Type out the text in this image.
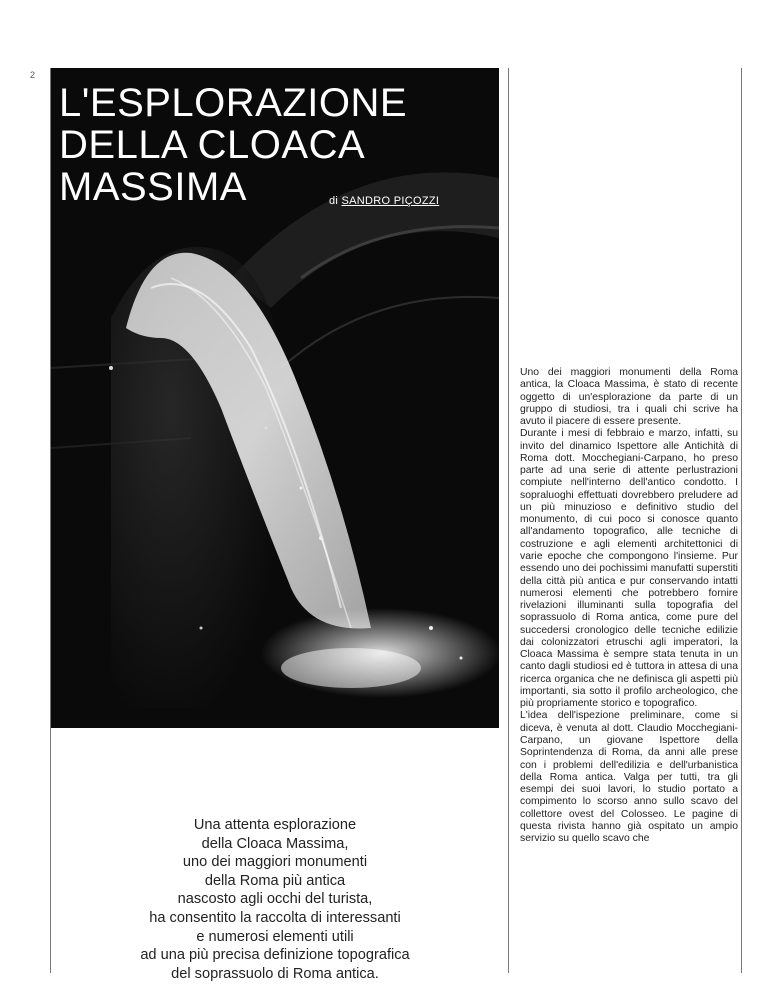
2
L'ESPLORAZIONE
DELLA CLOACA
MASSIMA	di SANDRO PIÇOZZI
Una attenta esplorazione
della Cloaca Massima,
uno dei maggiori monumenti
della Roma più antica
nascosto agli occhi del turista,
ha consentito la raccolta di interessanti
e numerosi elementi utili
ad una più precisa definizione topografica
del soprassuolo di Roma antica.

Uno dei maggiori monumenti della Roma antica, la Cloaca Massima, è stato di recente oggetto di un'esplorazione da parte di un gruppo di studiosi, tra i quali chi scrive ha avuto il piacere di essere presente.

Durante i mesi di febbraio e marzo, infatti, su invito del dinamico Ispettore alle Antichità di Roma dott. Mocchegiani-Carpano, ho preso parte ad una serie di attente perlustrazioni compiute nell'interno dell'antico condotto. I sopraluoghi effettuati dovrebbero preludere ad un più minuzioso e definitivo studio del monumento, di cui poco si conosce quanto all'andamento topografico, alle tecniche di costruzione e agli elementi architettonici di varie epoche che compongono l'insieme. Pur essendo uno dei pochissimi manufatti superstiti della città più antica e pur conservando intatti numerosi elementi che potrebbero fornire rivelazioni illuminanti sulla topografia del soprassuolo di Roma antica, come pure del succedersi cronologico delle tecniche edilizie dai colonizzatori etruschi agli imperatori, la Cloaca Massima è sempre stata tenuta in un canto dagli studiosi ed è tuttora in attesa di una ricerca organica che ne definisca gli aspetti più importanti, sia sotto il profilo archeologico, che più propriamente storico e topografico.

L'idea dell'ispezione preliminare, come si diceva, è venuta al dott. Claudio Mocchegiani-Carpano, un giovane Ispettore della Soprintendenza di Roma, da anni alle prese con i problemi dell'edilizia e dell'urbanistica della Roma antica. Valga per tutti, tra gli esempi dei suoi lavori, lo studio portato a compimento lo scorso anno sullo scavo del collettore ovest del Colosseo. Le pagine di questa rivista hanno già ospitato un ampio servizio su quello scavo che
